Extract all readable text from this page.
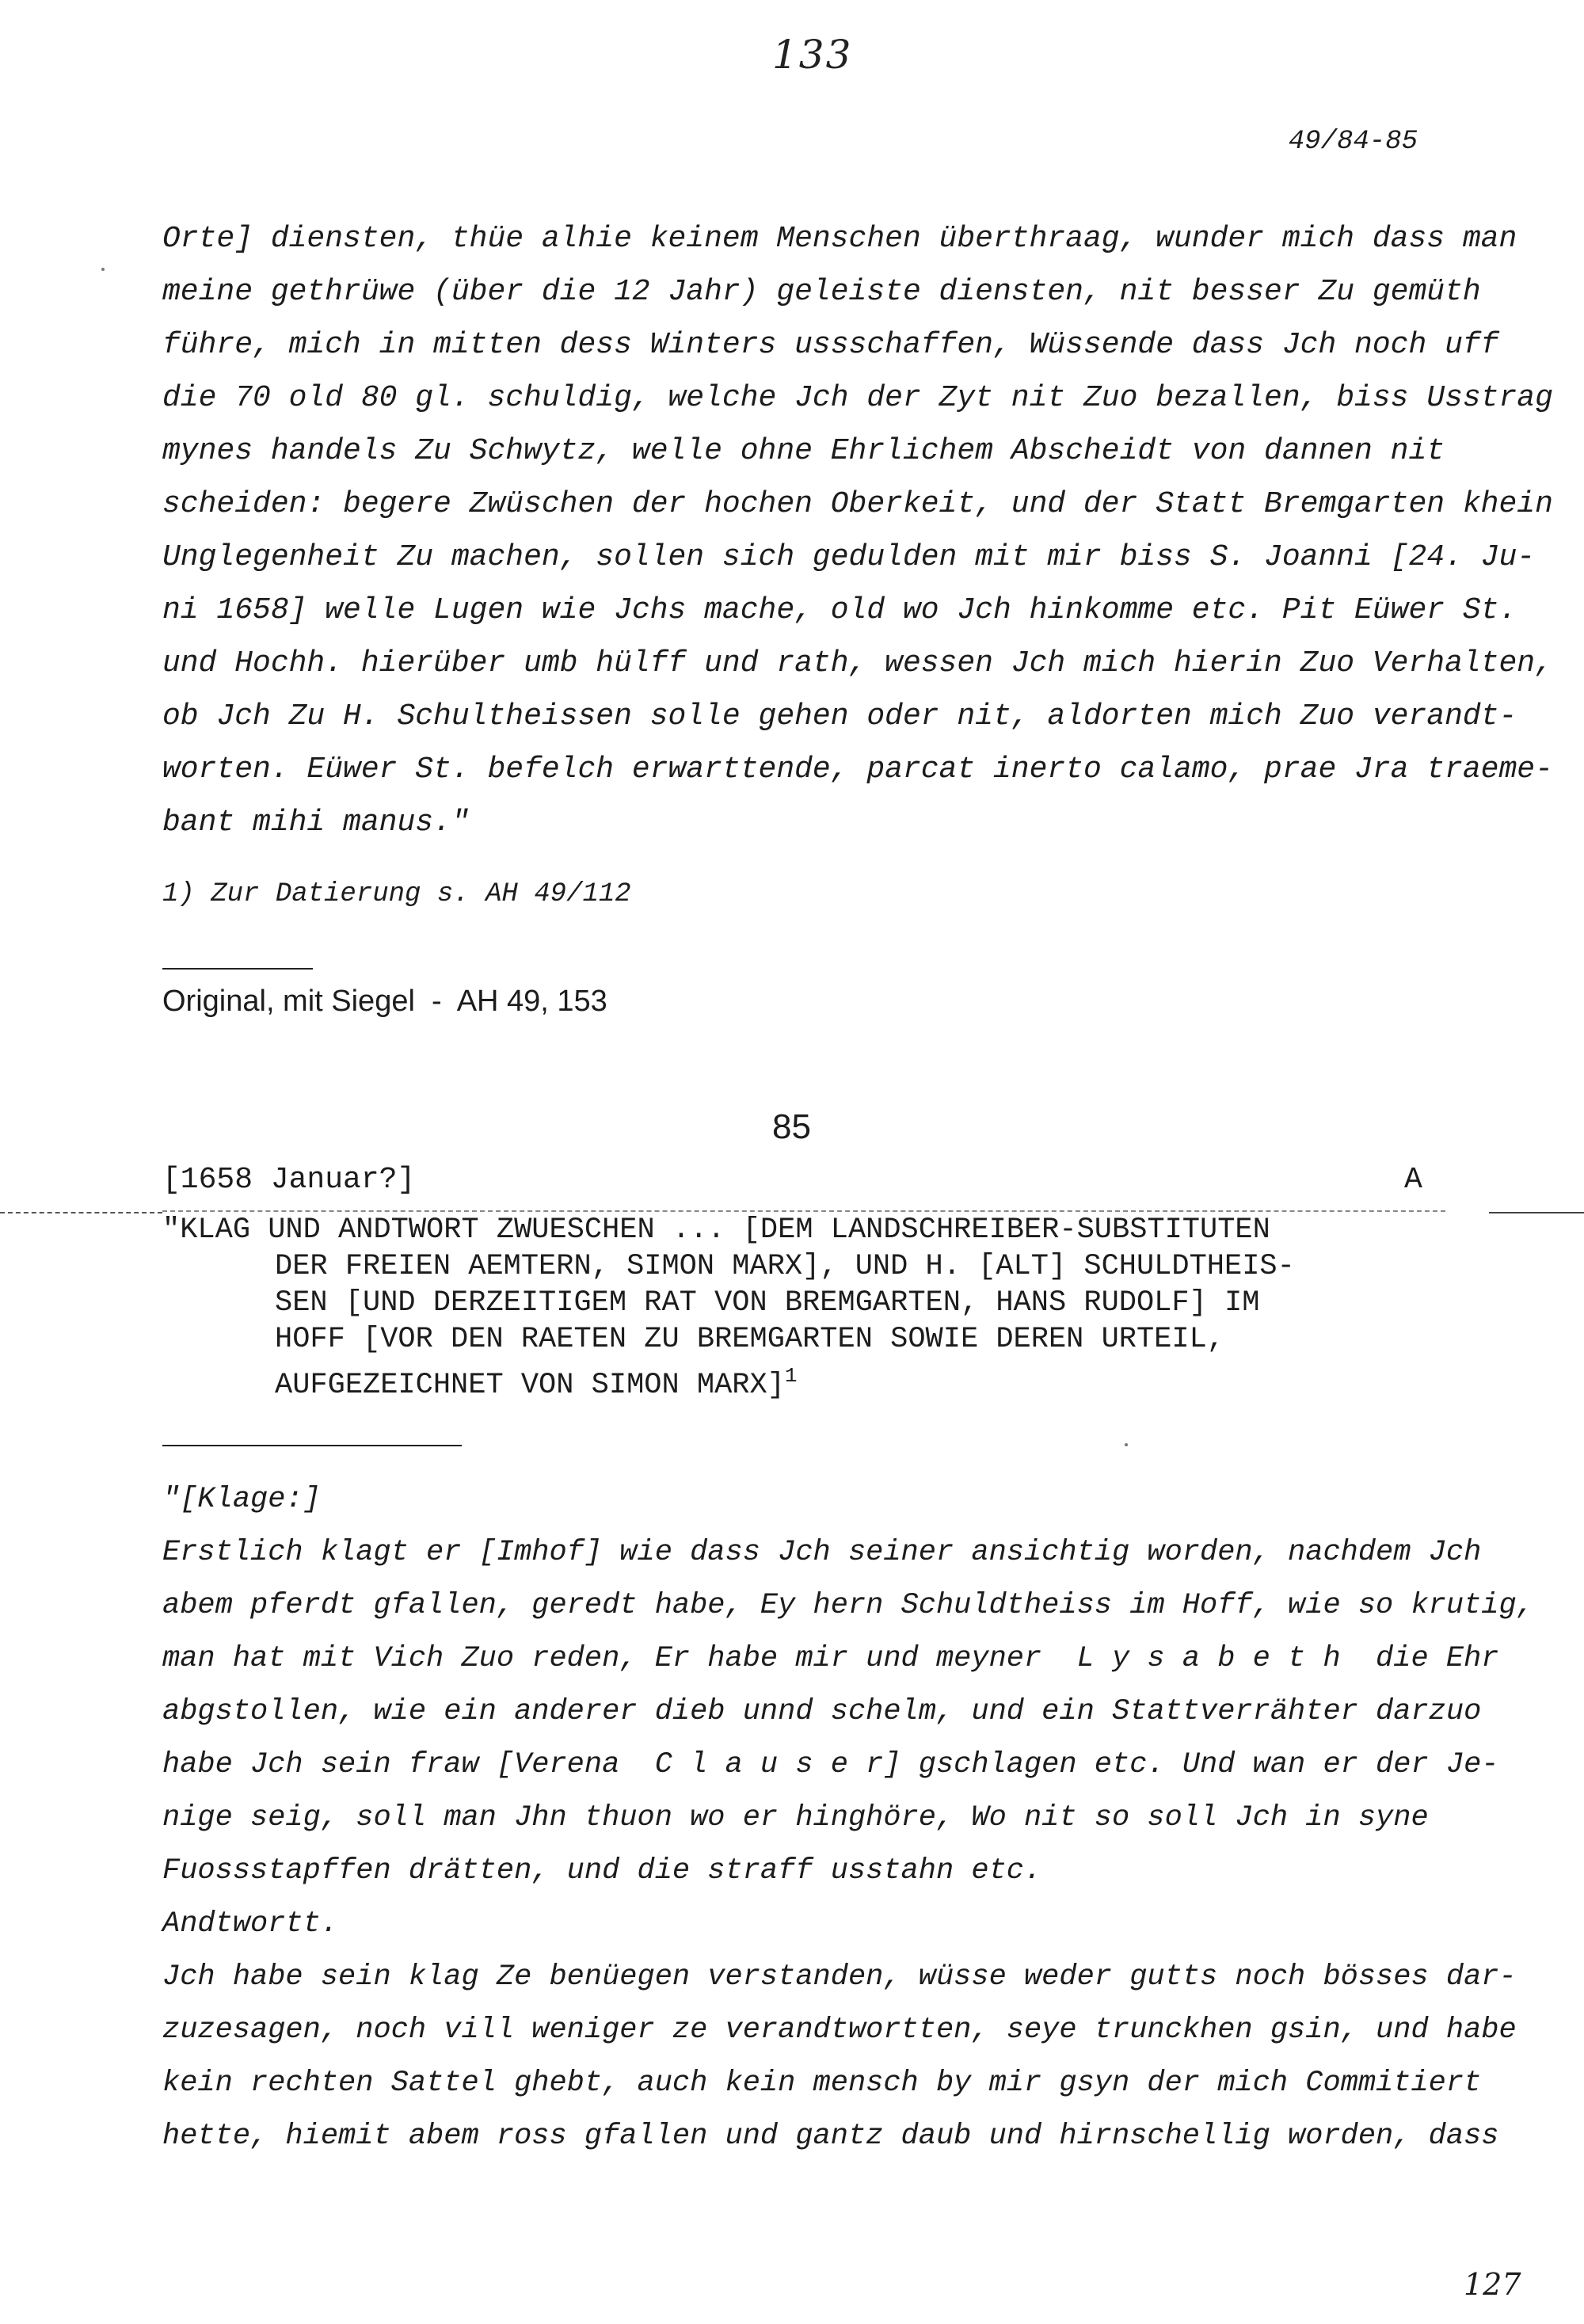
133
49/84-85
Orte] diensten, thüe alhie keinem Menschen überthraag, wunder mich dass man
meine gethrüwe (über die 12 Jahr) geleiste diensten, nit besser Zu gemüth
führe, mich in mitten dess Winters ussschaffen, Wüssende dass Jch noch uff
die 70 old 80 gl. schuldig, welche Jch der Zyt nit Zuo bezallen, biss Usstrag
mynes handels Zu Schwytz, welle ohne Ehrlichem Abscheidt von dannen nit
scheiden: begere Zwüschen der hochen Oberkeit, und der Statt Bremgarten khein
Unglegenheit Zu machen, sollen sich gedulden mit mir biss S. Joanni [24. Ju-
ni 1658] welle Lugen wie Jchs mache, old wo Jch hinkomme etc. Pit Eüwer St.
und Hochh. hierüber umb hülff und rath, wessen Jch mich hierin Zuo Verhalten,
ob Jch Zu H. Schultheissen solle gehen oder nit, aldorten mich Zuo verandt-
worten. Eüwer St. befelch erwarttende, parcat inerto calamo, prae Jra traeme-
bant mihi manus."
1) Zur Datierung s. AH 49/112
Original, mit Siegel  -  AH 49, 153
85
[1658 Januar?]	A
"KLAG UND ANDTWORT ZWUESCHEN ... [DEM LANDSCHREIBER-SUBSTITUTEN
DER FREIEN AEMTERN, SIMON MARX], UND H. [ALT] SCHULDTHEIS-
SEN [UND DERZEITIGEM RAT VON BREMGARTEN, HANS RUDOLF] IM
HOFF [VOR DEN RAETEN ZU BREMGARTEN SOWIE DEREN URTEIL,
AUFGEZEICHNET VON SIMON MARX]$^1$
"[Klage:]
Erstlich klagt er [Imhof] wie dass Jch seiner ansichtig worden, nachdem Jch
abem pferdt gfallen, geredt habe, Ey hern Schuldtheiss im Hoff, wie so krutig,
man hat mit Vich Zuo reden, Er habe mir und meyner  L y s a b e t h  die Ehr
abgstollen, wie ein anderer dieb unnd schelm, und ein Stattverrähter darzuo
habe Jch sein fraw [Verena  C l a u s e r] gschlagen etc. Und wan er der Je-
nige seig, soll man Jhn thuon wo er hinghöre, Wo nit so soll Jch in syne
Fuossstapffen drätten, und die straff usstahn etc.
Andtwortt.
Jch habe sein klag Ze benüegen verstanden, wüsse weder gutts noch bösses dar-
zuzesagen, noch vill weniger ze verandtwortten, seye trunckhen gsin, und habe
kein rechten Sattel ghebt, auch kein mensch by mir gsyn der mich Commitiert
hette, hiemit abem ross gfallen und gantz daub und hirnschellig worden, dass
127
